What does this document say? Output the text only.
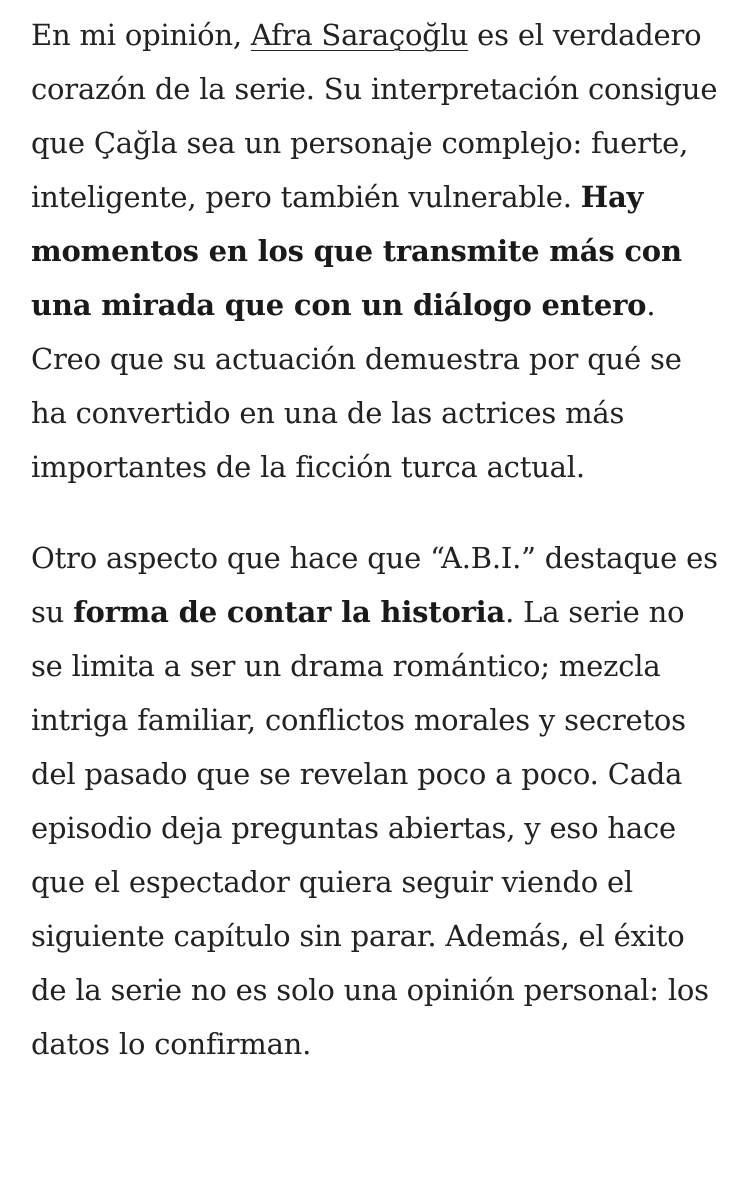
En mi opinión, Afra Saraçoğlu es el verdadero corazón de la serie. Su interpretación consigue que Çağla sea un personaje complejo: fuerte, inteligente, pero también vulnerable. Hay momentos en los que transmite más con una mirada que con un diálogo entero. Creo que su actuación demuestra por qué se ha convertido en una de las actrices más importantes de la ficción turca actual.

Otro aspecto que hace que “A.B.I.” destaque es su forma de contar la historia. La serie no se limita a ser un drama romántico; mezcla intriga familiar, conflictos morales y secretos del pasado que se revelan poco a poco. Cada episodio deja preguntas abiertas, y eso hace que el espectador quiera seguir viendo el siguiente capítulo sin parar. Además, el éxito de la serie no es solo una opinión personal: los datos lo confirman.
